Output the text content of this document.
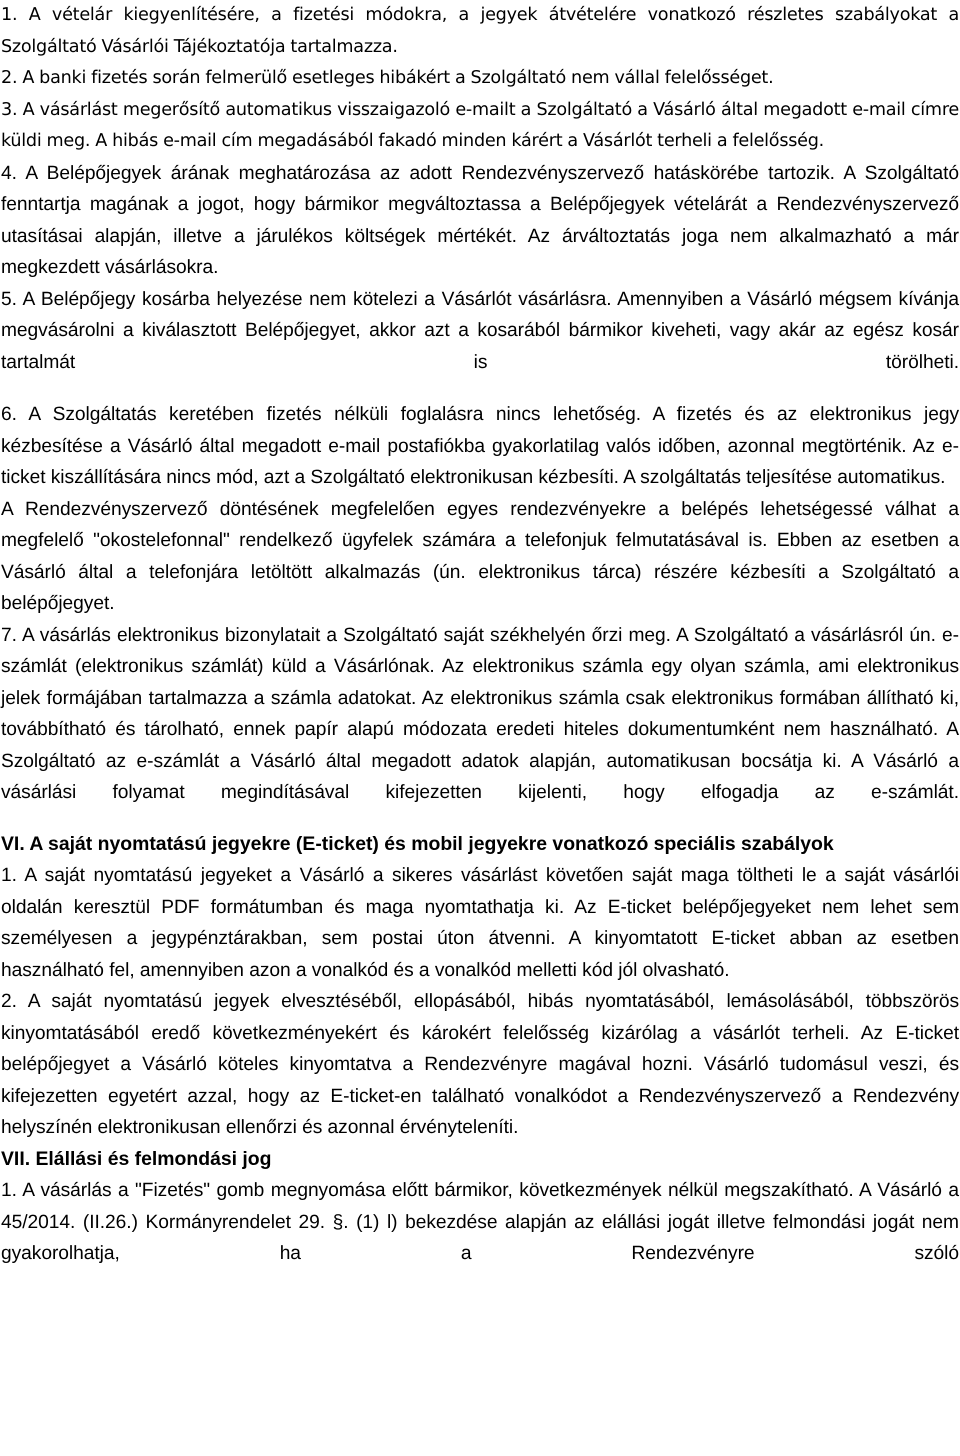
1. A vételár kiegyenlítésére, a fizetési módokra, a jegyek átvételére vonatkozó részletes szabályokat a Szolgáltató Vásárlói Tájékoztatója tartalmazza.

2. A banki fizetés során felmerülő esetleges hibákért a Szolgáltató nem vállal felelősséget.

3. A vásárlást megerősítő automatikus visszaigazoló e-mailt a Szolgáltató a Vásárló által megadott e-mail címre küldi meg. A hibás e-mail cím megadásából fakadó minden kárért a Vásárlót terheli a felelősség.

4. A Belépőjegyek árának meghatározása az adott Rendezvényszervező hatáskörébe tartozik. A Szolgáltató fenntartja magának a jogot, hogy bármikor megváltoztassa a Belépőjegyek vételárát a Rendezvényszervező utasításai alapján, illetve a járulékos költségek mértékét. Az árváltoztatás joga nem alkalmazható a már megkezdett vásárlásokra.

5. A Belépőjegy kosárba helyezése nem kötelezi a Vásárlót vásárlásra. Amennyiben a Vásárló mégsem kívánja megvásárolni a kiválasztott Belépőjegyet, akkor azt a kosarából bármikor kiveheti, vagy akár az egész kosár tartalmát is törölheti.

6. A Szolgáltatás keretében fizetés nélküli foglalásra nincs lehetőség. A fizetés és az elektronikus jegy kézbesítése a Vásárló által megadott e-mail postafiókba gyakorlatilag valós időben, azonnal megtörténik. Az e-ticket kiszállítására nincs mód, azt a Szolgáltató elektronikusan kézbesíti. A szolgáltatás teljesítése automatikus.

A Rendezvényszervező döntésének megfelelően egyes rendezvényekre a belépés lehetségessé válhat a megfelelő "okostelefonnal" rendelkező ügyfelek számára a telefonjuk felmutatásával is. Ebben az esetben a Vásárló által a telefonjára letöltött alkalmazás (ún. elektronikus tárca) részére kézbesíti a Szolgáltató a belépőjegyet.

7. A vásárlás elektronikus bizonylatait a Szolgáltató saját székhelyén őrzi meg. A Szolgáltató a vásárlásról ún. e-számlát (elektronikus számlát) küld a Vásárlónak. Az elektronikus számla egy olyan számla, ami elektronikus jelek formájában tartalmazza a számla adatokat. Az elektronikus számla csak elektronikus formában állítható ki, továbbítható és tárolható, ennek papír alapú módozata eredeti hiteles dokumentumként nem használható. A Szolgáltató az e-számlát a Vásárló által megadott adatok alapján, automatikusan bocsátja ki. A Vásárló a vásárlási folyamat megindításával kifejezetten kijelenti, hogy elfogadja az e-számlát.

VI. A saját nyomtatású jegyekre (E-ticket) és mobil jegyekre vonatkozó speciális szabályok

1. A saját nyomtatású jegyeket a Vásárló a sikeres vásárlást követően saját maga töltheti le a saját vásárlói oldalán keresztül PDF formátumban és maga nyomtathatja ki. Az E-ticket belépőjegyeket nem lehet sem személyesen a jegypénztárakban, sem postai úton átvenni. A kinyomtatott E-ticket abban az esetben használható fel, amennyiben azon a vonalkód és a vonalkód melletti kód jól olvasható.

2. A saját nyomtatású jegyek elvesztéséből, ellopásából, hibás nyomtatásából, lemásolásából, többszörös kinyomtatásából eredő következményekért és károkért felelősség kizárólag a vásárlót terheli. Az E-ticket belépőjegyet a Vásárló köteles kinyomtatva a Rendezvényre magával hozni. Vásárló tudomásul veszi, és kifejezetten egyetért azzal, hogy az E-ticket-en található vonalkódot a Rendezvényszervező a Rendezvény helyszínén elektronikusan ellenőrzi és azonnal érvényteleníti.

VII. Elállási és felmondási jog

1. A vásárlás a "Fizetés" gomb megnyomása előtt bármikor, következmények nélkül megszakítható. A Vásárló a 45/2014. (II.26.) Kormányrendelet 29. §. (1) l) bekezdése alapján az elállási jogát illetve felmondási jogát nem gyakorolhatja, ha a Rendezvényre szóló
